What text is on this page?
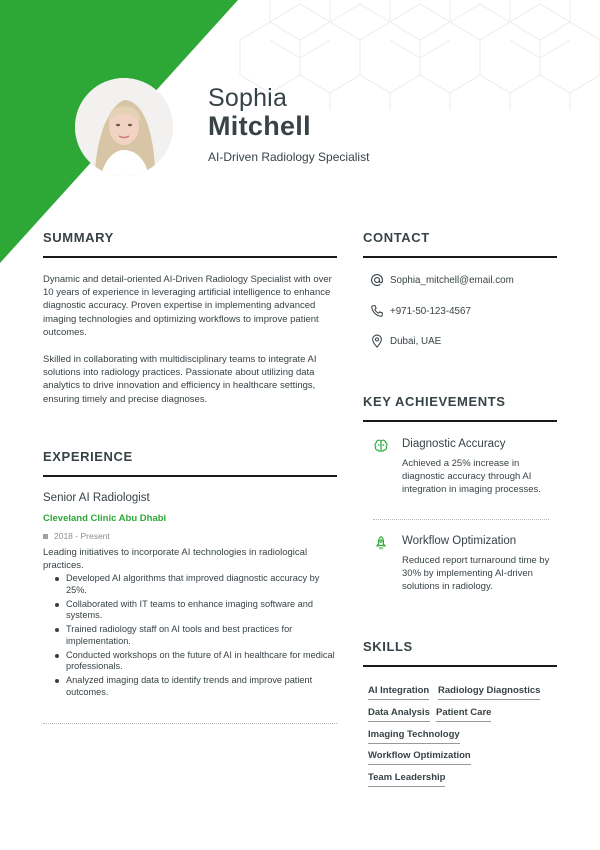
Sophia
Mitchell
AI-Driven Radiology Specialist
SUMMARY
Dynamic and detail-oriented AI-Driven Radiology Specialist with over 10 years of experience in leveraging artificial intelligence to enhance diagnostic accuracy. Proven expertise in implementing advanced imaging technologies and optimizing workflows to improve patient outcomes.
Skilled in collaborating with multidisciplinary teams to integrate AI solutions into radiology practices. Passionate about utilizing data analytics to drive innovation and efficiency in healthcare settings, ensuring timely and precise diagnoses.
EXPERIENCE
Senior AI Radiologist
Cleveland Clinic Abu Dhabi
2018 - Present
Leading initiatives to incorporate AI technologies in radiological practices.
Developed AI algorithms that improved diagnostic accuracy by 25%.
Collaborated with IT teams to enhance imaging software and systems.
Trained radiology staff on AI tools and best practices for implementation.
Conducted workshops on the future of AI in healthcare for medical professionals.
Analyzed imaging data to identify trends and improve patient outcomes.
CONTACT
Sophia_mitchell@email.com
+971-50-123-4567
Dubai, UAE
KEY ACHIEVEMENTS
Diagnostic Accuracy
Achieved a 25% increase in diagnostic accuracy through AI integration in imaging processes.
Workflow Optimization
Reduced report turnaround time by 30% by implementing AI-driven solutions in radiology.
SKILLS
AI Integration Radiology Diagnostics
Data Analysis Patient Care
Imaging Technology
Workflow Optimization
Team Leadership
